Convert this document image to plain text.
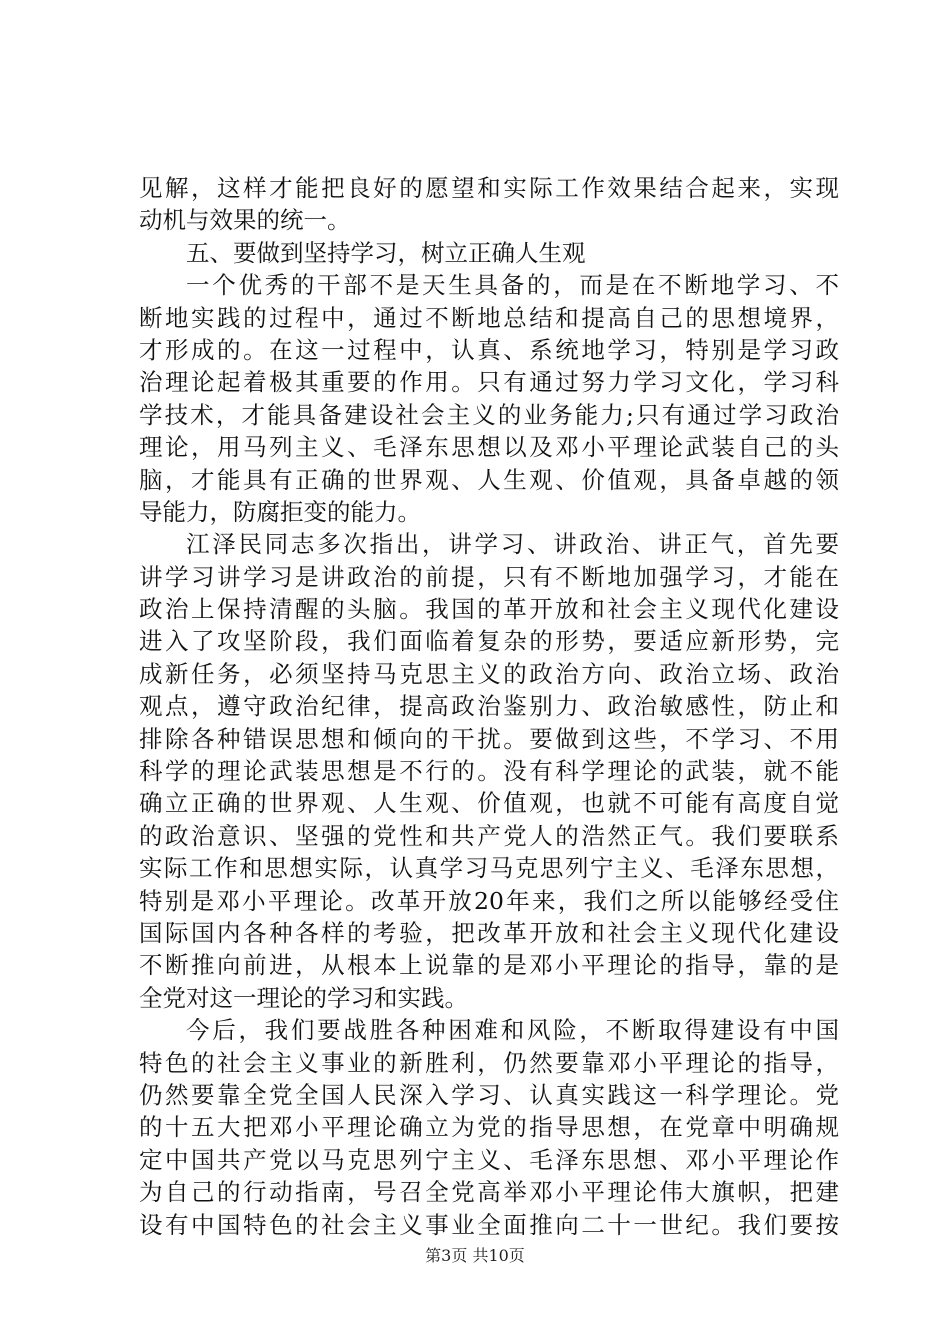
见解，这样才能把良好的愿望和实际工作效果结合起来，实现
动机与效果的统一。
五、要做到坚持学习，树立正确人生观
一个优秀的干部不是天生具备的，而是在不断地学习、不
断地实践的过程中，通过不断地总结和提高自己的思想境界，
才形成的。在这一过程中，认真、系统地学习，特别是学习政
治理论起着极其重要的作用。只有通过努力学习文化，学习科
学技术，才能具备建设社会主义的业务能力;只有通过学习政治
理论，用马列主义、毛泽东思想以及邓小平理论武装自己的头
脑，才能具有正确的世界观、人生观、价值观，具备卓越的领
导能力，防腐拒变的能力。
江泽民同志多次指出，讲学习、讲政治、讲正气，首先要
讲学习讲学习是讲政治的前提，只有不断地加强学习，才能在
政治上保持清醒的头脑。我国的革开放和社会主义现代化建设
进入了攻坚阶段，我们面临着复杂的形势，要适应新形势，完
成新任务，必须坚持马克思主义的政治方向、政治立场、政治
观点，遵守政治纪律，提高政治鉴别力、政治敏感性，防止和
排除各种错误思想和倾向的干扰。要做到这些，不学习、不用
科学的理论武装思想是不行的。没有科学理论的武装，就不能
确立正确的世界观、人生观、价值观，也就不可能有高度自觉
的政治意识、坚强的党性和共产党人的浩然正气。我们要联系
实际工作和思想实际，认真学习马克思列宁主义、毛泽东思想，
特别是邓小平理论。改革开放20年来，我们之所以能够经受住
国际国内各种各样的考验，把改革开放和社会主义现代化建设
不断推向前进，从根本上说靠的是邓小平理论的指导，靠的是
全党对这一理论的学习和实践。
今后，我们要战胜各种困难和风险，不断取得建设有中国
特色的社会主义事业的新胜利，仍然要靠邓小平理论的指导，
仍然要靠全党全国人民深入学习、认真实践这一科学理论。党
的十五大把邓小平理论确立为党的指导思想，在党章中明确规
定中国共产党以马克思列宁主义、毛泽东思想、邓小平理论作
为自己的行动指南，号召全党高举邓小平理论伟大旗帜，把建
设有中国特色的社会主义事业全面推向二十一世纪。我们要按
第3页 共10页
